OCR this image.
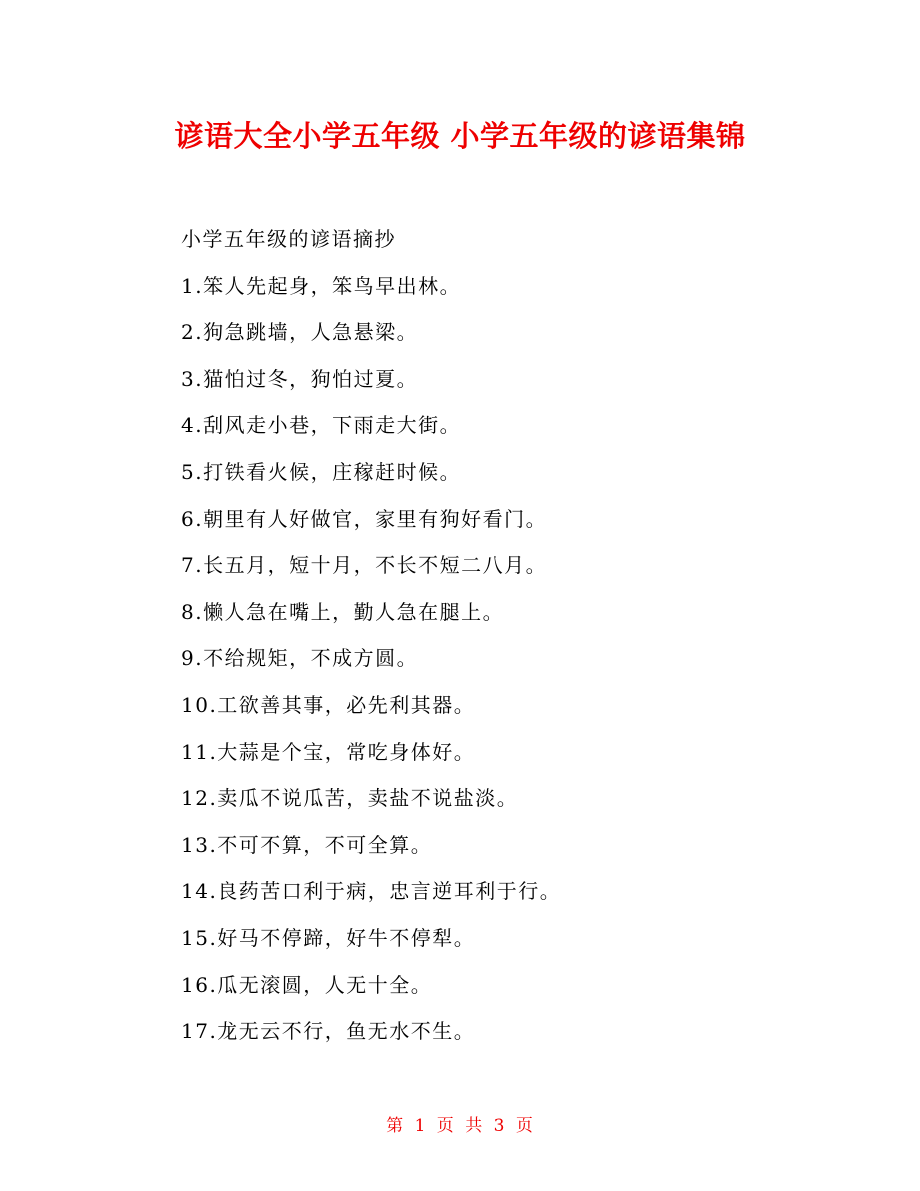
谚语大全小学五年级 小学五年级的谚语集锦
小学五年级的谚语摘抄
1.笨人先起身，笨鸟早出林。
2.狗急跳墙，人急悬梁。
3.猫怕过冬，狗怕过夏。
4.刮风走小巷，下雨走大街。
5.打铁看火候，庄稼赶时候。
6.朝里有人好做官，家里有狗好看门。
7.长五月，短十月，不长不短二八月。
8.懒人急在嘴上，勤人急在腿上。
9.不给规矩，不成方圆。
10.工欲善其事，必先利其器。
11.大蒜是个宝，常吃身体好。
12.卖瓜不说瓜苦，卖盐不说盐淡。
13.不可不算，不可全算。
14.良药苦口利于病，忠言逆耳利于行。
15.好马不停蹄，好牛不停犁。
16.瓜无滚圆，人无十全。
17.龙无云不行，鱼无水不生。
第 1 页 共 3 页
